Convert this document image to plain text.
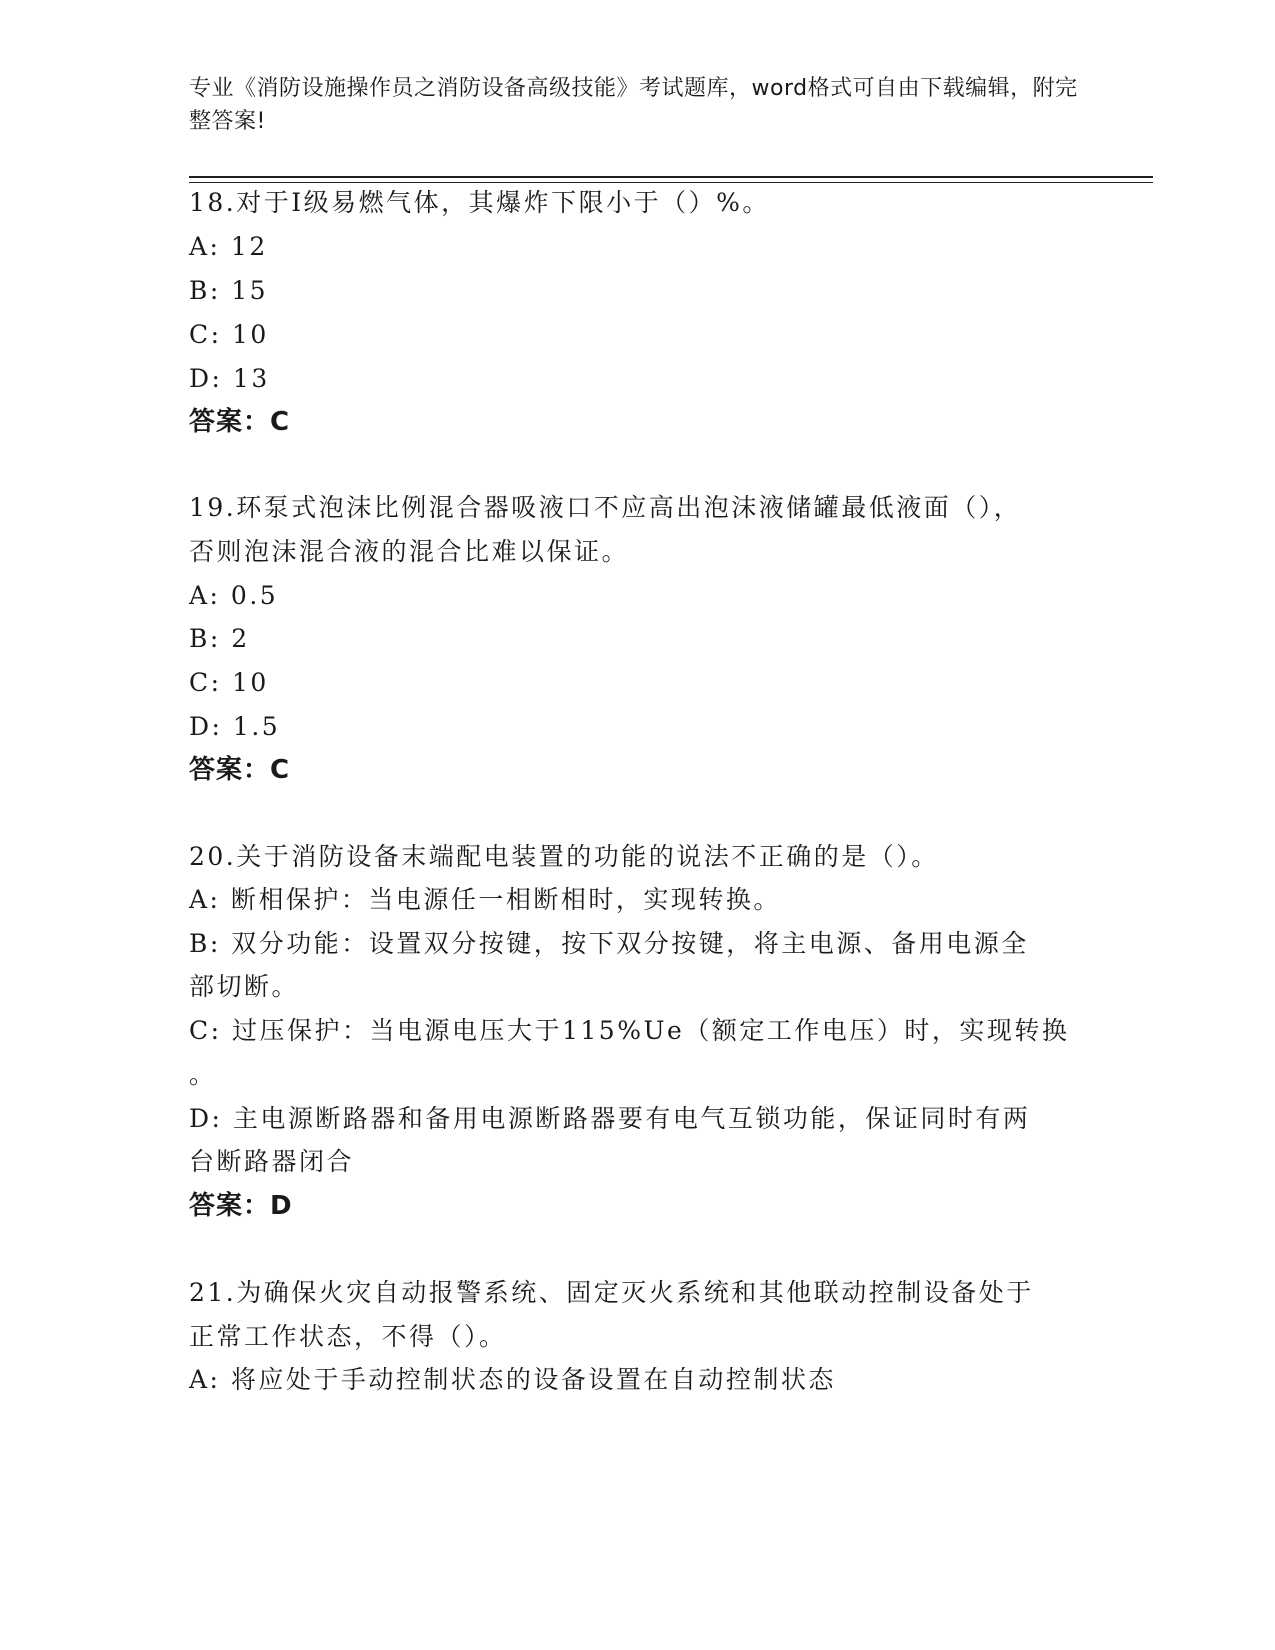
专业《消防设施操作员之消防设备高级技能》考试题库，word格式可自由下载编辑，附完整答案!
18.对于Ⅰ级易燃气体，其爆炸下限小于（）%。
A: 12
B: 15
C: 10
D: 13
答案：C
19.环泵式泡沫比例混合器吸液口不应高出泡沫液储罐最低液面（），
否则泡沫混合液的混合比难以保证。
A: 0.5
B: 2
C: 10
D: 1.5
答案：C
20.关于消防设备末端配电装置的功能的说法不正确的是（）。
A: 断相保护：当电源任一相断相时，实现转换。
B: 双分功能：设置双分按键，按下双分按键，将主电源、备用电源全
部切断。
C: 过压保护：当电源电压大于115%Ue（额定工作电压）时，实现转换
。
D: 主电源断路器和备用电源断路器要有电气互锁功能，保证同时有两
台断路器闭合
答案：D
21.为确保火灾自动报警系统、固定灭火系统和其他联动控制设备处于
正常工作状态，不得（）。
A: 将应处于手动控制状态的设备设置在自动控制状态
